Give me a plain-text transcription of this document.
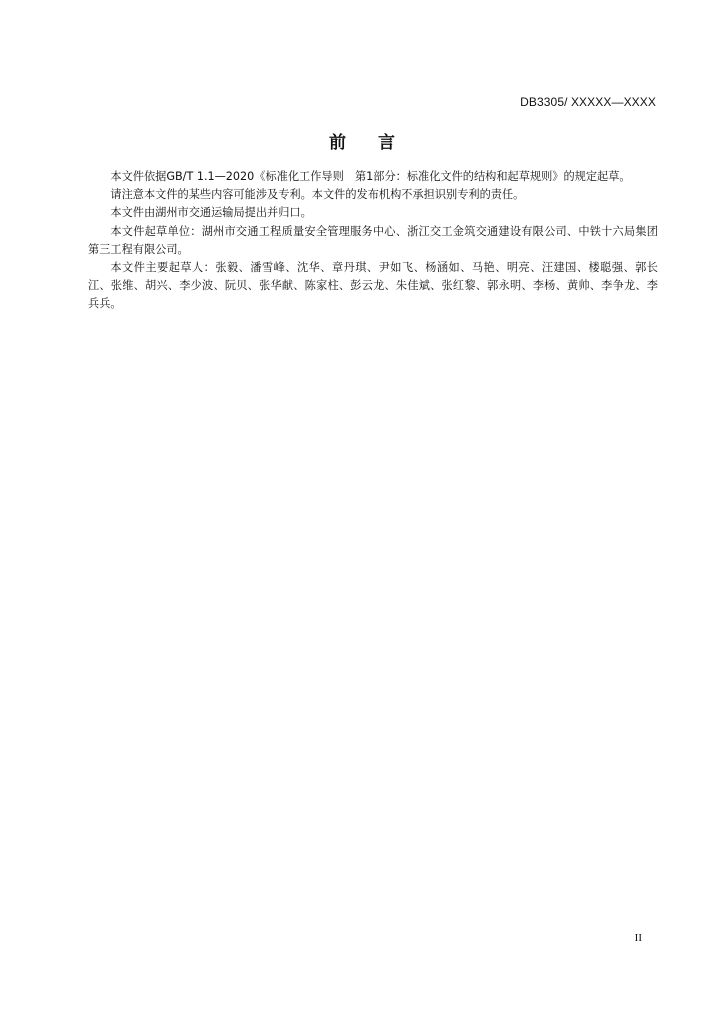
DB3305/ XXXXX—XXXX
前言

本文件依据GB/T 1.1—2020《标准化工作导则　第1部分：标准化文件的结构和起草规则》的规定起草。

请注意本文件的某些内容可能涉及专利。本文件的发布机构不承担识别专利的责任。

本文件由湖州市交通运输局提出并归口。

本文件起草单位：湖州市交通工程质量安全管理服务中心、浙江交工金筑交通建设有限公司、中铁十六局集团第三工程有限公司。

本文件主要起草人：张毅、潘雪峰、沈华、章丹琪、尹如飞、杨涵如、马艳、明亮、汪建国、楼聪强、郭长江、张维、胡兴、李少波、阮贝、张华献、陈家柱、彭云龙、朱佳斌、张红黎、郭永明、李杨、黄帅、李争龙、李兵兵。

II
